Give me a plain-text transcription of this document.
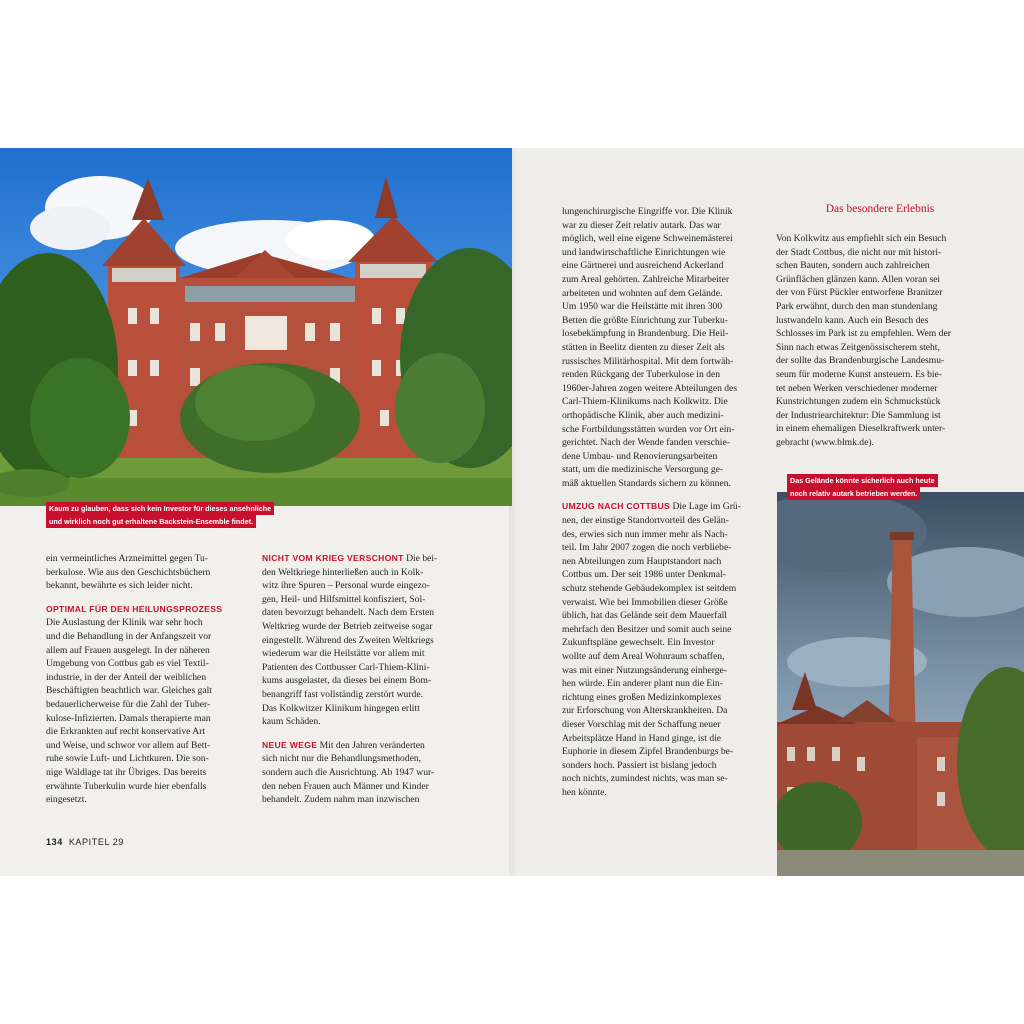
Kaum zu glauben, dass sich kein Investor für dieses ansehnliche
und wirklich noch gut erhaltene Backstein-Ensemble findet.
Das Gelände könnte sicherlich auch heute
noch relativ autark betrieben werden.

ein vermeintliches Arzneimittel gegen Tu-

berkulose. Wie aus den Geschichtsbüchern

bekannt, bewährte es sich leider nicht.

OPTIMAL FÜR DEN HEILUNGSPROZESS

Die Auslastung der Klinik war sehr hoch

und die Behandlung in der Anfangszeit vor

allem auf Frauen ausgelegt. In der näheren

Umgebung von Cottbus gab es viel Textil-

industrie, in der der Anteil der weiblichen

Beschäftigten beachtlich war. Gleiches galt

bedauerlicherweise für die Zahl der Tuber-

kulose-Infizierten. Damals therapierte man

die Erkrankten auf recht konservative Art

und Weise, und schwor vor allem auf Bett-

ruhe sowie Luft- und Lichtkuren. Die son-

nige Waldlage tat ihr Übriges. Das bereits

erwähnte Tuberkulin wurde hier ebenfalls

eingesetzt.

NICHT VOM KRIEG VERSCHONT Die bei-

den Weltkriege hinterließen auch in Kolk-

witz ihre Spuren – Personal wurde eingezo-

gen, Heil- und Hilfsmittel konfisziert, Sol-

daten bevorzugt behandelt. Nach dem Ersten

Weltkrieg wurde der Betrieb zeitweise sogar

eingestellt. Während des Zweiten Weltkriegs

wiederum war die Heilstätte vor allem mit

Patienten des Cottbusser Carl-Thiem-Klini-

kums ausgelastet, da dieses bei einem Bom-

benangriff fast vollständig zerstört wurde.

Das Kolkwitzer Klinikum hingegen erlitt

kaum Schäden.

NEUE WEGE Mit den Jahren veränderten

sich nicht nur die Behandlungsmethoden,

sondern auch die Ausrichtung. Ab 1947 wur-

den neben Frauen auch Männer und Kinder

behandelt. Zudem nahm man inzwischen

lungenchirurgische Eingriffe vor. Die Klinik

war zu dieser Zeit relativ autark. Das war

möglich, weil eine eigene Schweinemästerei

und landwirtschaftliche Einrichtungen wie

eine Gärtnerei und ausreichend Ackerland

zum Areal gehörten. Zahlreiche Mitarbeiter

arbeiteten und wohnten auf dem Gelände.

Um 1950 war die Heilstätte mit ihren 300

Betten die größte Einrichtung zur Tuberku-

losebekämpfung in Brandenburg. Die Heil-

stätten in Beelitz dienten zu dieser Zeit als

russisches Militärhospital. Mit dem fortwäh-

renden Rückgang der Tuberkulose in den

1960er-Jahren zogen weitere Abteilungen des

Carl-Thiem-Klinikums nach Kolkwitz. Die

orthopädische Klinik, aber auch medizini-

sche Fortbildungsstätten wurden vor Ort ein-

gerichtet. Nach der Wende fanden verschie-

dene Umbau- und Renovierungsarbeiten

statt, um die medizinische Versorgung ge-

mäß aktuellen Standards sichern zu können.

UMZUG NACH COTTBUS Die Lage im Grü-

nen, der einstige Standortvorteil des Gelän-

des, erwies sich nun immer mehr als Nach-

teil. Im Jahr 2007 zogen die noch verbliebe-

nen Abteilungen zum Hauptstandort nach

Cottbus um. Der seit 1986 unter Denkmal-

schutz stehende Gebäudekomplex ist seitdem

verwaist. Wie bei Immobilien dieser Größe

üblich, hat das Gelände seit dem Mauerfall

mehrfach den Besitzer und somit auch seine

Zukunftspläne gewechselt. Ein Investor

wollte auf dem Areal Wohnraum schaffen,

was mit einer Nutzungsänderung einherge-

hen würde. Ein anderer plant nun die Ein-

richtung eines großen Medizinkomplexes

zur Erforschung von Alterskrankheiten. Da

dieser Vorschlag mit der Schaffung neuer

Arbeitsplätze Hand in Hand ginge, ist die

Euphorie in diesem Zipfel Brandenburgs be-

sonders hoch. Passiert ist bislang jedoch

noch nichts, zumindest nichts, was man se-

hen könnte.

Das besondere Erlebnis

Von Kolkwitz aus empfiehlt sich ein Besuch

der Stadt Cottbus, die nicht nur mit histori-

schen Bauten, sondern auch zahlreichen

Grünflächen glänzen kann. Allen voran sei

der von Fürst Pückler entworfene Branitzer

Park erwähnt, durch den man stundenlang

lustwandeln kann. Auch ein Besuch des

Schlosses im Park ist zu empfehlen. Wem der

Sinn nach etwas Zeitgenössischerem steht,

der sollte das Brandenburgische Landesmu-

seum für moderne Kunst ansteuern. Es bie-

tet neben Werken verschiedener moderner

Kunstrichtungen zudem ein Schmuckstück

der Industriearchitektur: Die Sammlung ist

in einem ehemaligen Dieselkraftwerk unter-

gebracht (www.blmk.de).

134 KAPITEL 29
